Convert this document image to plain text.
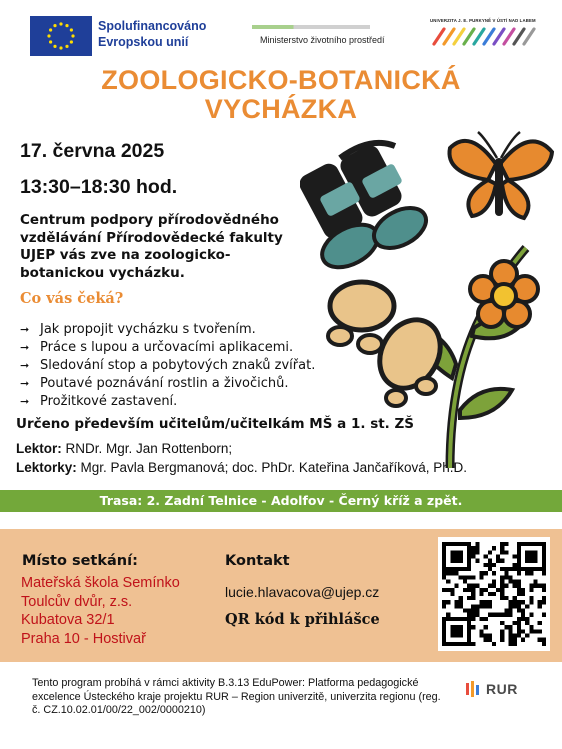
Spolufinancováno
Evropskou unií	Ministerstvo životního prostředí
UNIVERZITA J. E. PURKYNĚ V ÚSTÍ NAD LABEM
ZOOLOGICKO-BOTANICKÁ
VYCHÁZKA
17. června 2025
13:30–18:30 hod.
Centrum podpory přírodovědného vzdělávání Přírodovědecké fakulty UJEP vás zve na zoologicko-botanickou vycházku.
Co vás čeká?
➞ Jak propojit vycházku s tvořením.
➞ Práce s lupou a určovacími aplikacemi.
➞ Sledování stop a pobytových znaků zvířat.
➞ Poutavé poznávání rostlin a živočichů.
➞ Prožitkové zastavení.
Určeno především učitelům/učitelkám MŠ a 1. st. ZŠ
Lektor: RNDr. Mgr. Jan Rottenborn;
Lektorky: Mgr. Pavla Bergmanová; doc. PhDr. Kateřina Jančaříková, Ph.D.
Trasa: 2. Zadní Telnice - Adolfov - Černý kříž a zpět.
Místo setkání:
Mateřská škola Semínko
Toulcův dvůr, z.s.
Kubatova 32/1
Praha 10 - Hostivař
Kontakt
lucie.hlavacova@ujep.cz
QR kód k přihlášce
Tento program probíhá v rámci aktivity B.3.13 EduPower: Platforma pedagogické excelence Ústeckého kraje projektu RUR – Region univerzitě, univerzita regionu (reg. č. CZ.10.02.01/00/22_002/0000210)
RUR
